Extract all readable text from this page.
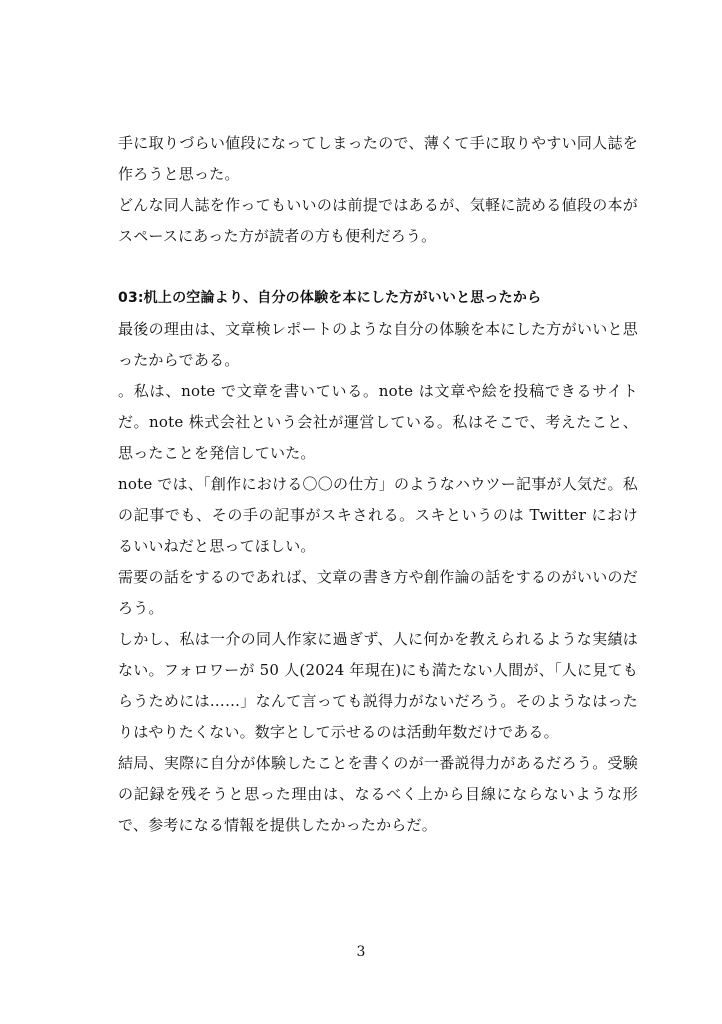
手に取りづらい値段になってしまったので、薄くて手に取りやすい同人誌を作ろうと思った。

どんな同人誌を作ってもいいのは前提ではあるが、気軽に読める値段の本がスペースにあった方が読者の方も便利だろう。

03:机上の空論より、自分の体験を本にした方がいいと思ったから

最後の理由は、文章検レポートのような自分の体験を本にした方がいいと思ったからである。

。私は、note で文章を書いている。note は文章や絵を投稿できるサイトだ。note 株式会社という会社が運営している。私はそこで、考えたこと、思ったことを発信していた。

note では、「創作における〇〇の仕方」のようなハウツー記事が人気だ。私の記事でも、その手の記事がスキされる。スキというのは Twitter におけるいいねだと思ってほしい。

需要の話をするのであれば、文章の書き方や創作論の話をするのがいいのだろう。

しかし、私は一介の同人作家に過ぎず、人に何かを教えられるような実績はない。フォロワーが 50 人(2024 年現在)にも満たない人間が、「人に見てもらうためには……」なんて言っても説得力がないだろう。そのようなはったりはやりたくない。数字として示せるのは活動年数だけである。

結局、実際に自分が体験したことを書くのが一番説得力があるだろう。受験の記録を残そうと思った理由は、なるべく上から目線にならないような形で、参考になる情報を提供したかったからだ。

3
